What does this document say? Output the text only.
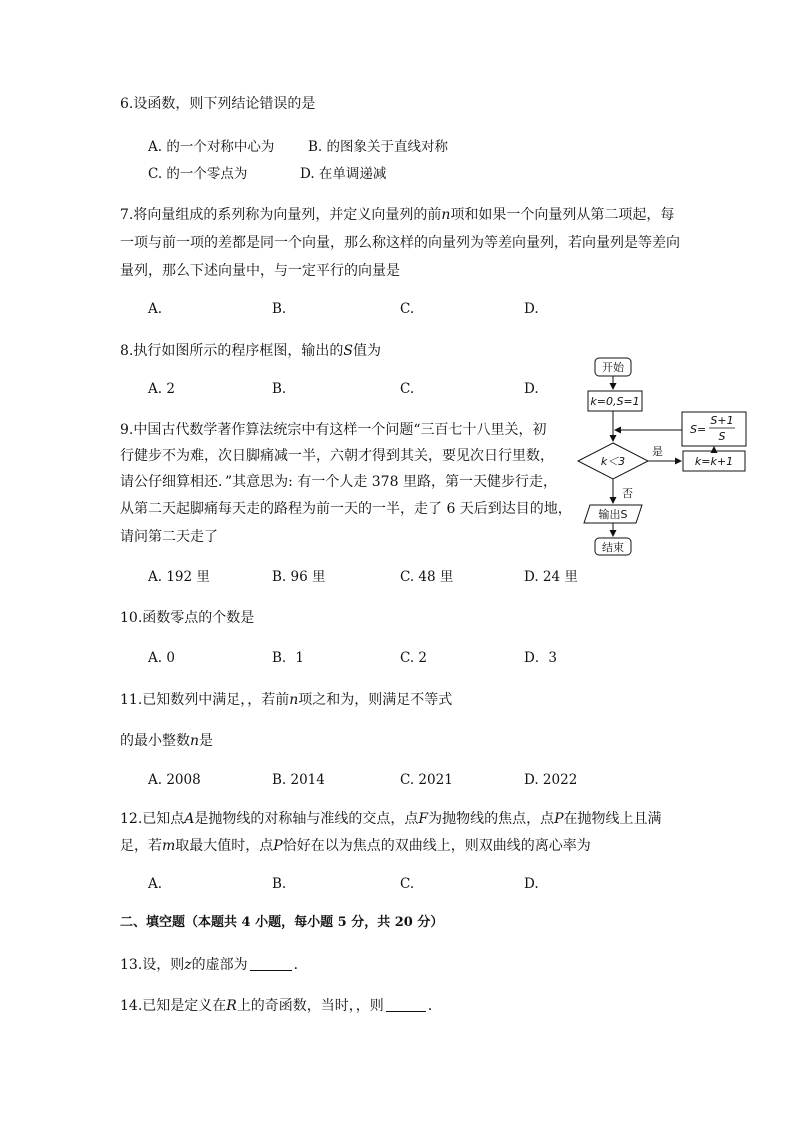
6.设函数，则下列结论错误的是
A. 的一个对称中心为 B. 的图象关于直线对称
C. 的一个零点为	D. 在单调递减
7.将向量组成的系列称为向量列，并定义向量列的前n项和如果一个向量列从第二项起，每
一项与前一项的差都是同一个向量，那么称这样的向量列为等差向量列，若向量列是等差向
量列，那么下述向量中，与一定平行的向量是
A.	B.	C.	D.
8.执行如图所示的程序框图，输出的S值为
A. 2	B.	C.	D.
9.中国古代数学著作算法统宗中有这样一个问题“三百七十八里关，初
行健步不为难，次日脚痛减一半，六朝才得到其关，要见次日行里数，
请公仔细算相还．”其意思为: 有一个人走 378 里路，第一天健步行走，
从第二天起脚痛每天走的路程为前一天的一半，走了 6 天后到达目的地，
请问第二天走了
A. 192 里	B. 96 里	C. 48 里	D. 24 里
10.函数零点的个数是
A. 0	B．1	C. 2	D．3
11.已知数列中满足，，若前n项之和为，则满足不等式
的最小整数n是
A. 2008	B. 2014	C. 2021	D. 2022
12.已知点A是抛物线的对称轴与准线的交点，点F为抛物线的焦点，点P在抛物线上且满
足，若m取最大值时，点P恰好在以为焦点的双曲线上，则双曲线的离心率为
A.	B.	C.	D.
二、填空题（本题共 4 小题，每小题 5 分，共 20 分）
13.设，则z的虚部为	．
14.已知是定义在R上的奇函数，当时，，则	．
开始
k=0,S=1
S=
S+1
S
k＜3
是
k=k+1
否
输出S
结束
